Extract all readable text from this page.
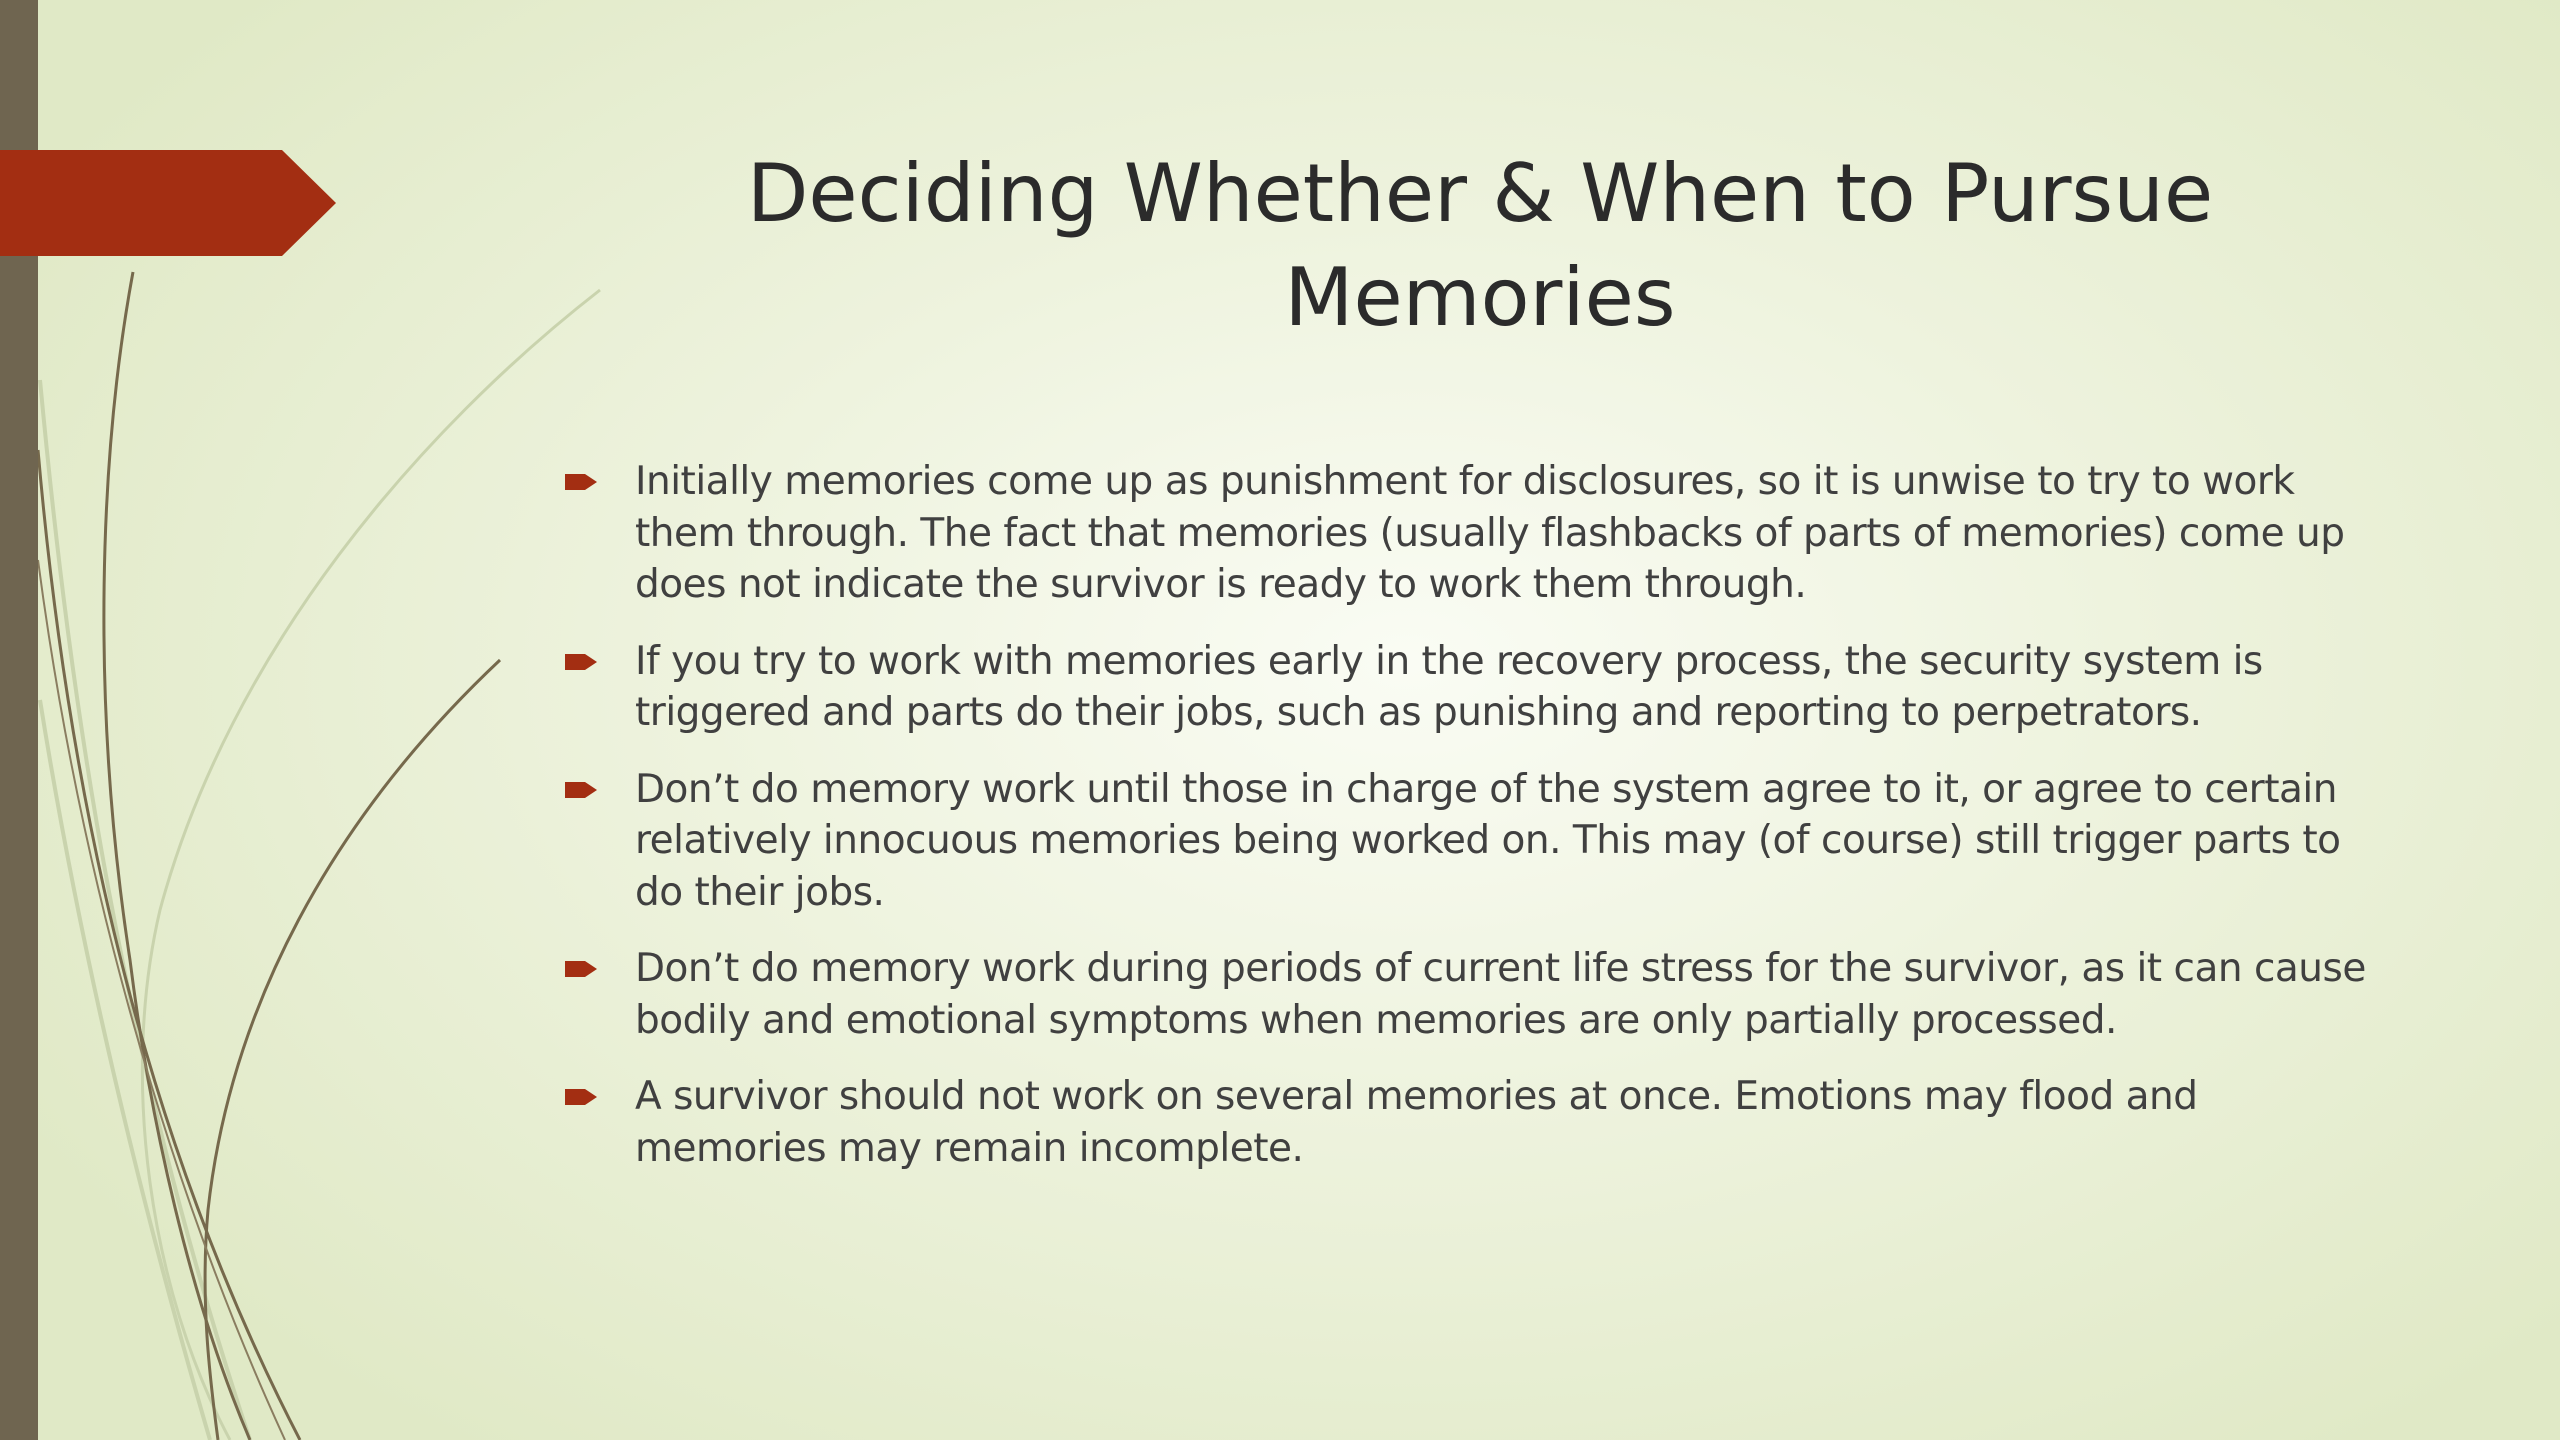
Deciding Whether & When to Pursue
Memories
Initially memories come up as punishment for disclosures, so it is unwise to try to work them through. The fact that memories (usually flashbacks of parts of memories) come up does not indicate the survivor is ready to work them through.
If you try to work with memories early in the recovery process, the security system is triggered and parts do their jobs, such as punishing and reporting to perpetrators.
Don’t do memory work until those in charge of the system agree to it, or agree to certain relatively innocuous memories being worked on. This may (of course) still trigger parts to do their jobs.
Don’t do memory work during periods of current life stress for the survivor, as it can cause bodily and emotional symptoms when memories are only partially processed.
A survivor should not work on several memories at once. Emotions may flood and memories may remain incomplete.
